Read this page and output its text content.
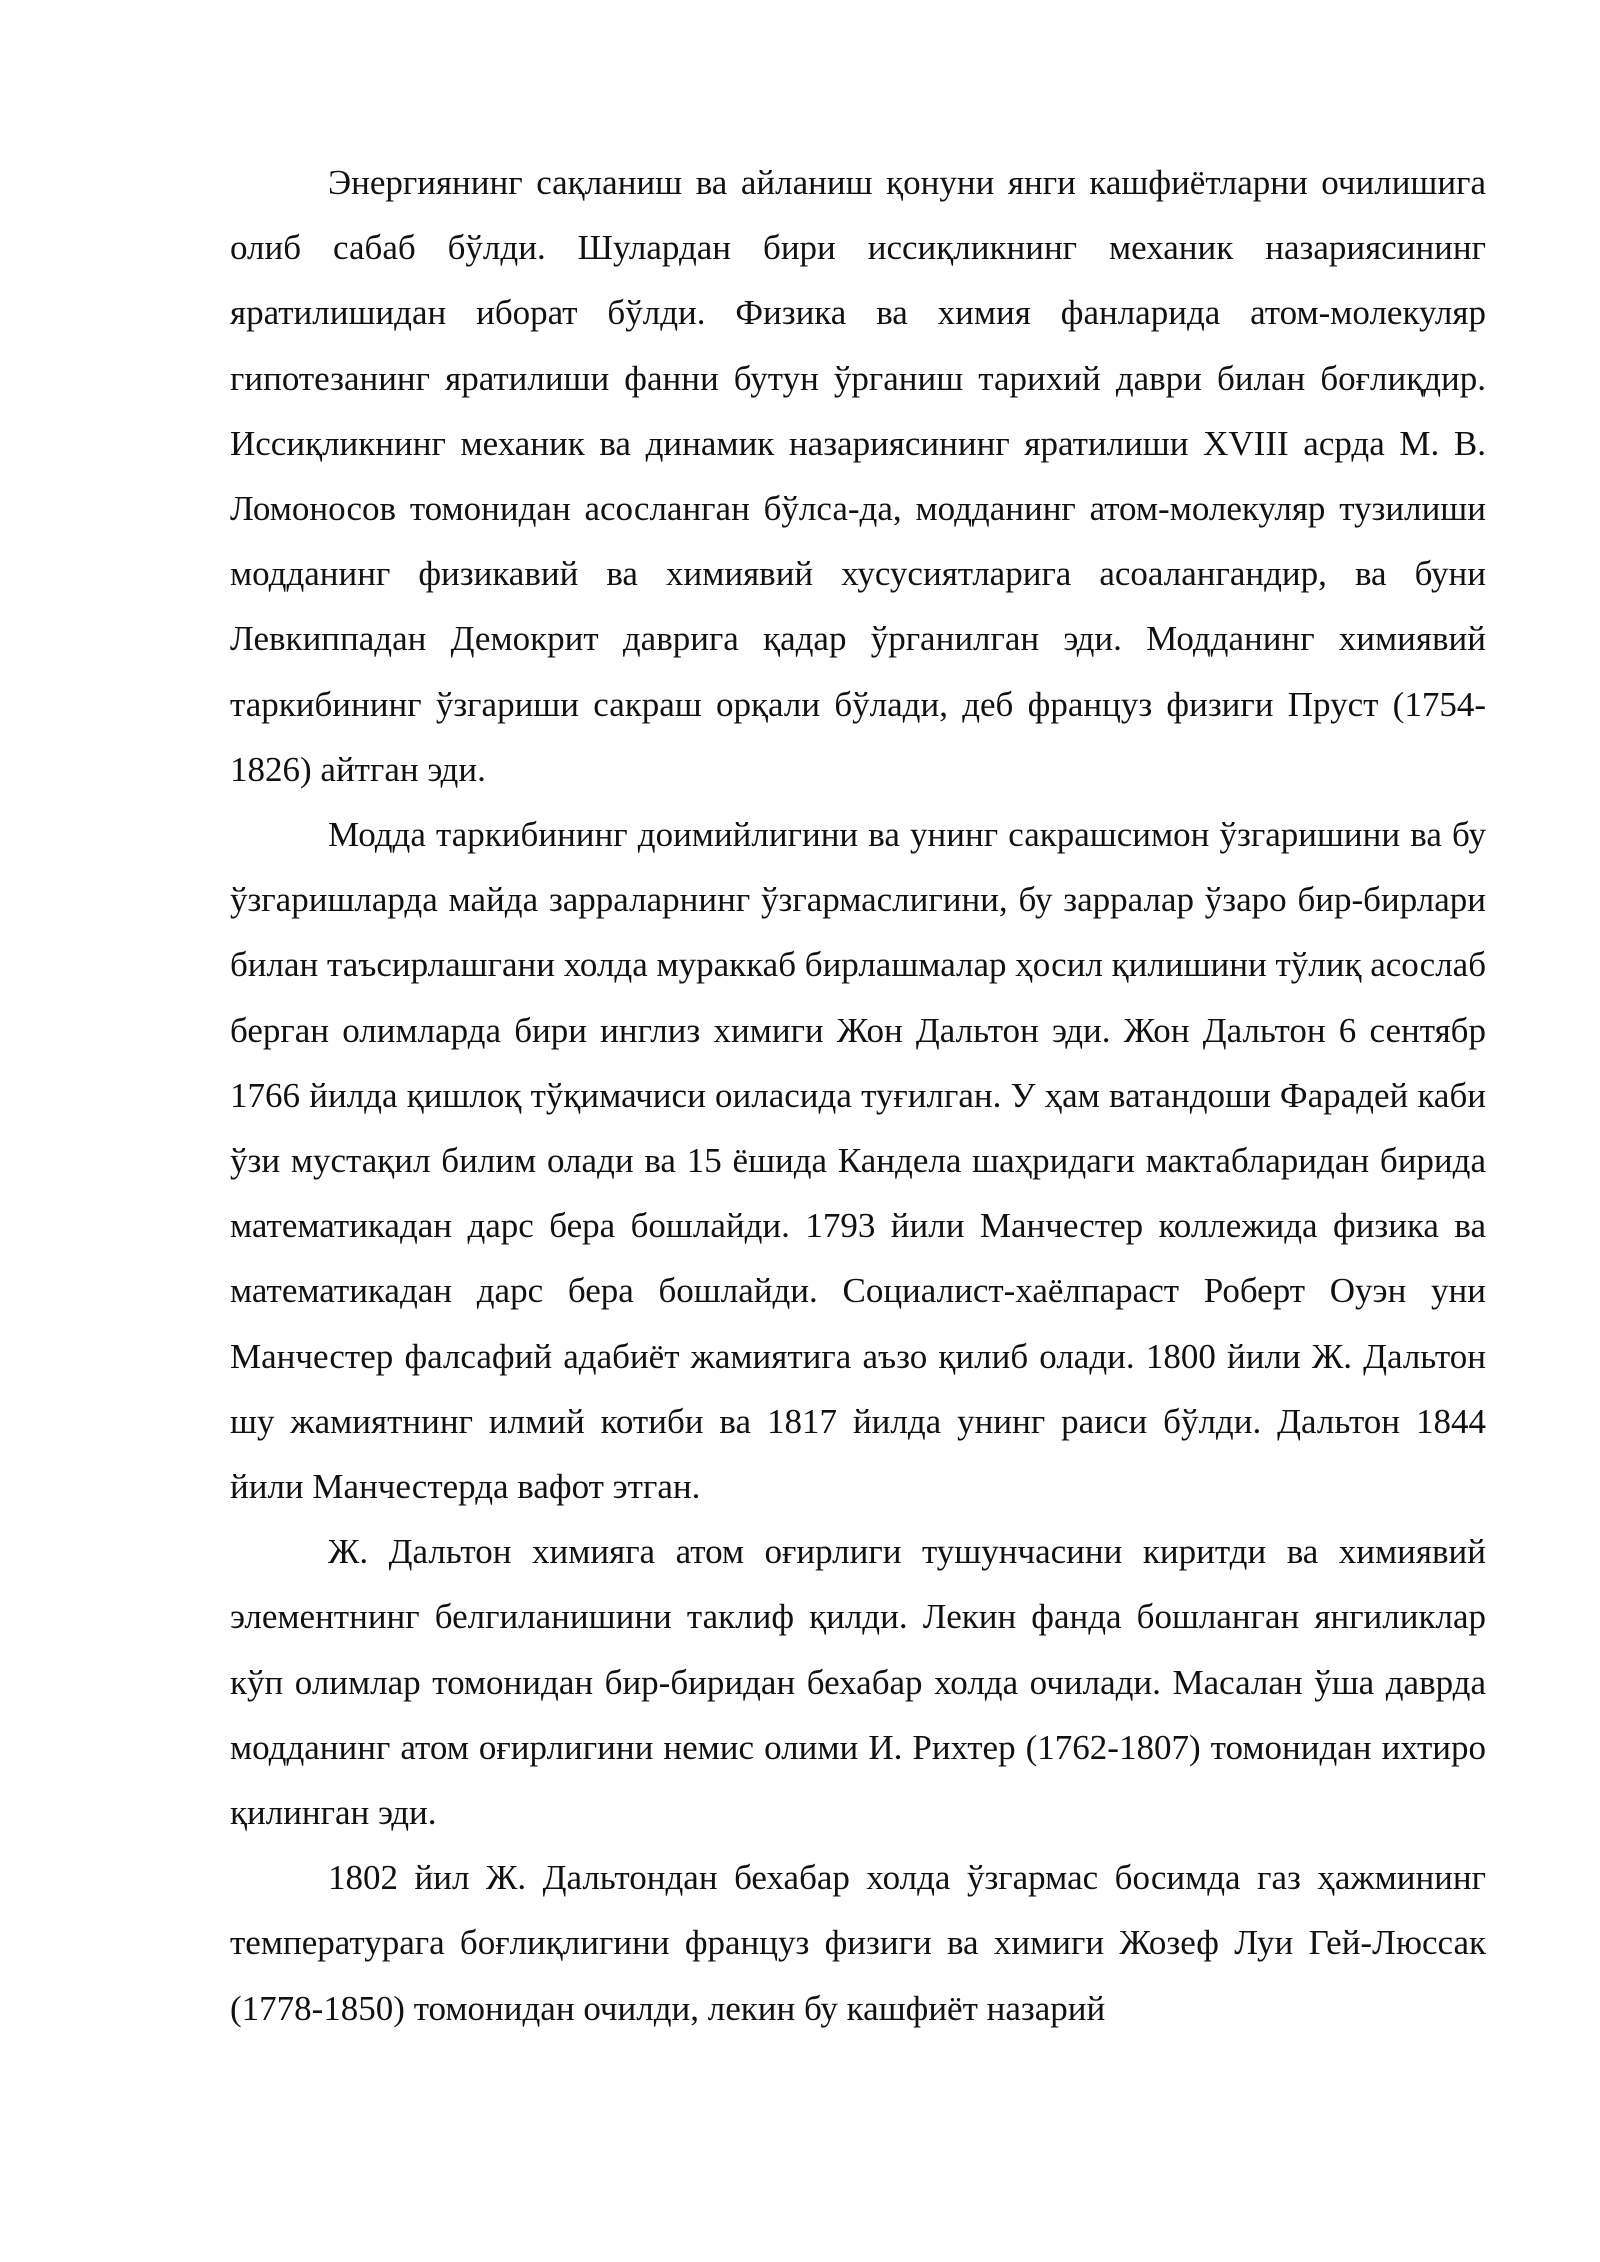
Энергиянинг сақланиш ва айланиш қонуни янги кашфиётларни очилишига олиб сабаб бўлди. Шулардан бири иссиқликнинг механик назариясининг яратилишидан иборат бўлди. Физика ва химия фанларида атом-молекуляр гипотезанинг яратилиши фанни бутун ўрганиш тарихий даври билан боғлиқдир. Иссиқликнинг механик ва динамик назариясининг яратилиши XVIII асрда М. В. Ломоносов томонидан асосланган бўлса-да, модданинг атом-молекуляр тузилиши модданинг физикавий ва химиявий хусусиятларига асоалангандир, ва буни Левкиппадан Демокрит даврига қадар ўрганилган эди. Модданинг химиявий таркибининг ўзгариши сакраш орқали бўлади, деб француз физиги Пруст (1754-1826) айтган эди.

Модда таркибининг доимийлигини ва унинг сакрашсимон ўзгаришини ва бу ўзгаришларда майда зарраларнинг ўзгармаслигини, бу зарралар ўзаро бир-бирлари билан таъсирлашгани холда мураккаб бирлашмалар ҳосил қилишини тўлиқ асослаб берган олимларда бири инглиз химиги Жон Дальтон эди. Жон Дальтон 6 сентябр 1766 йилда қишлоқ тўқимачиси оиласида туғилган. У ҳам ватандоши Фарадей каби ўзи мустақил билим олади ва 15 ёшида Кандела шаҳридаги мактабларидан бирида математикадан дарс бера бошлайди. 1793 йили Манчестер коллежида физика ва математикадан дарс бера бошлайди. Социалист-хаёлпараст Роберт Оуэн уни Манчестер фалсафий адабиёт жамиятига аъзо қилиб олади. 1800 йили Ж. Дальтон шу жамиятнинг илмий котиби ва 1817 йилда унинг раиси бўлди. Дальтон 1844 йили Манчестерда вафот этган.

Ж. Дальтон химияга атом оғирлиги тушунчасини киритди ва химиявий элементнинг белгиланишини таклиф қилди. Лекин фанда бошланган янгиликлар кўп олимлар томонидан бир-биридан бехабар холда очилади. Масалан ўша даврда модданинг атом оғирлигини немис олими И. Рихтер (1762-1807) томонидан ихтиро қилинган эди.

1802 йил Ж. Дальтондан бехабар холда ўзгармас босимда газ ҳажмининг температурага боғлиқлигини француз физиги ва химиги Жозеф Луи Гей-Люссак (1778-1850) томонидан очилди, лекин бу кашфиёт назарий
